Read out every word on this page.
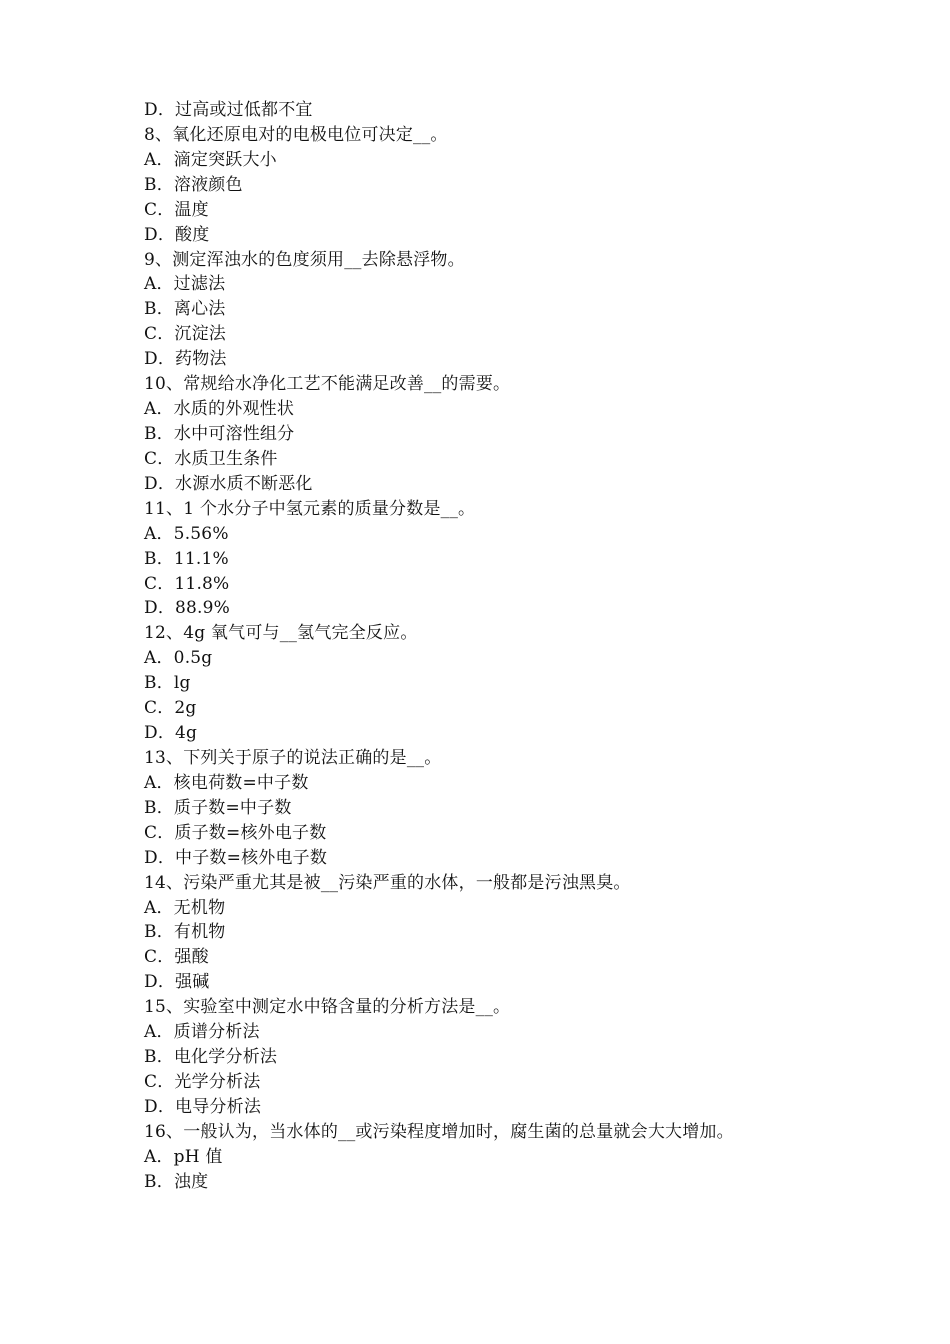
D．过高或过低都不宜
8、氧化还原电对的电极电位可决定__。
A．滴定突跃大小
B．溶液颜色
C．温度
D．酸度
9、测定浑浊水的色度须用__去除悬浮物。
A．过滤法
B．离心法
C．沉淀法
D．药物法
10、常规给水净化工艺不能满足改善__的需要。
A．水质的外观性状
B．水中可溶性组分
C．水质卫生条件
D．水源水质不断恶化
11、1 个水分子中氢元素的质量分数是__。
A．5.56%
B．11.1%
C．11.8%
D．88.9%
12、4g 氧气可与__氢气完全反应。
A．0.5g
B．lg
C．2g
D．4g
13、下列关于原子的说法正确的是__。
A．核电荷数=中子数
B．质子数=中子数
C．质子数=核外电子数
D．中子数=核外电子数
14、污染严重尤其是被__污染严重的水体，一般都是污浊黑臭。
A．无机物
B．有机物
C．强酸
D．强碱
15、实验室中测定水中铬含量的分析方法是__。
A．质谱分析法
B．电化学分析法
C．光学分析法
D．电导分析法
16、一般认为，当水体的__或污染程度增加时，腐生菌的总量就会大大增加。
A．pH 值
B．浊度
